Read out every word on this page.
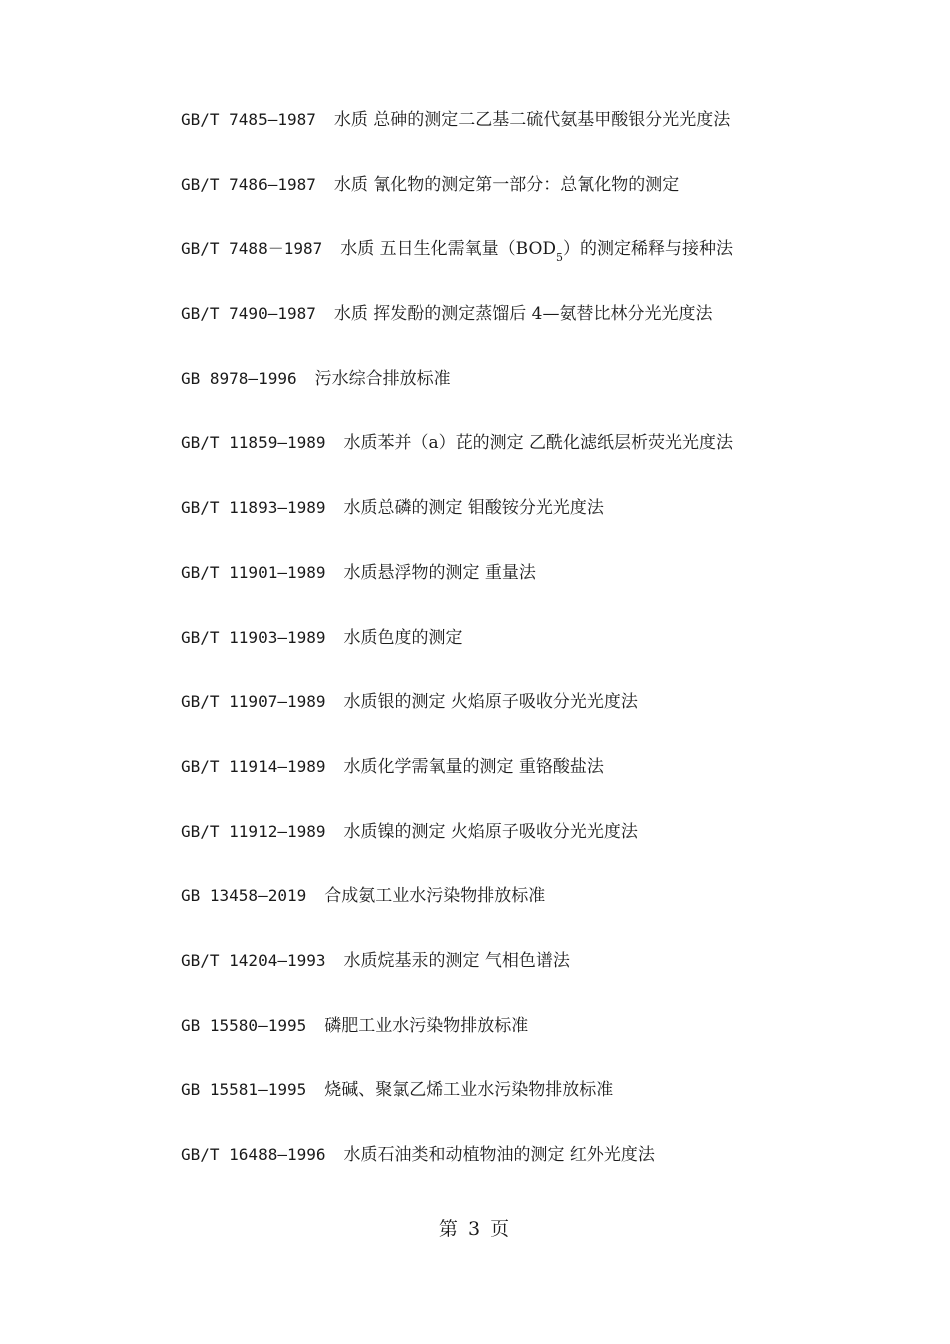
GB/T 7485—1987 水质 总砷的测定二乙基二硫代氨基甲酸银分光光度法
GB/T 7486—1987 水质 氰化物的测定第一部分：总氰化物的测定
GB/T 7488－1987 水质 五日生化需氧量$(BOD_5)$的测定稀释与接种法
GB/T 7490—1987 水质 挥发酚的测定蒸馏后 4—氨替比林分光光度法
GB 8978—1996 污水综合排放标准
GB/T 11859—1989 水质苯并（a）芘的测定 乙酰化滤纸层析荧光光度法
GB/T 11893—1989 水质总磷的测定 钼酸铵分光光度法
GB/T 11901—1989 水质悬浮物的测定 重量法
GB/T 11903—1989 水质色度的测定
GB/T 11907—1989 水质银的测定 火焰原子吸收分光光度法
GB/T 11914—1989 水质化学需氧量的测定 重铬酸盐法
GB/T 11912—1989 水质镍的测定 火焰原子吸收分光光度法
GB 13458—2019 合成氨工业水污染物排放标准
GB/T 14204—1993 水质烷基汞的测定 气相色谱法
GB 15580—1995 磷肥工业水污染物排放标准
GB 15581—1995 烧碱、聚氯乙烯工业水污染物排放标准
GB/T 16488—1996 水质石油类和动植物油的测定 红外光度法
第 3 页
